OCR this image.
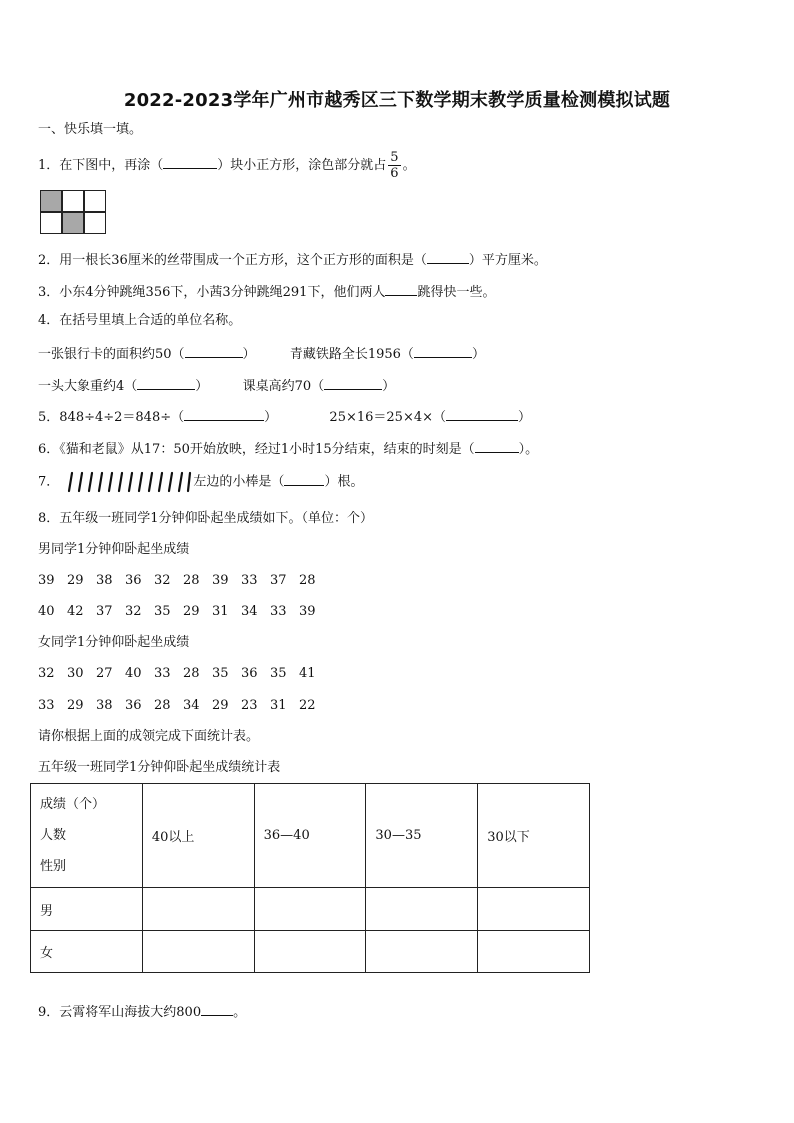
2022-2023学年广州市越秀区三下数学期末教学质量检测模拟试题
一、快乐填一填。
1．在下图中，再涂（	）块小正方形，涂色部分就占 $\frac{5}{6}$ 。
2．用一根长36厘米的丝带围成一个正方形，这个正方形的面积是（	）平方厘米。
3．小东4分钟跳绳356下，小茜3分钟跳绳291下，他们两人 跳得快一些。
4．在括号里填上合适的单位名称。
一张银行卡的面积约50（	）	青藏铁路全长1956（	）
一头大象重约4（	）	课桌高约70（	）
5．848÷4÷2＝848÷（	）	25×16＝25×4×（	）
6．《猫和老鼠》从17：50开始放映，经过1小时15分结束，结束的时刻是（	）。
7．	左边的小棒是（	）根。
8．五年级一班同学1分钟仰卧起坐成绩如下。（单位：个）
男同学1分钟仰卧起坐成绩
39 29 38 36 32 28 39 33 37 28
40 42 37 32 35 29 31 34 33 39
女同学1分钟仰卧起坐成绩
32 30 27 40 33 28 35 36 35 41
33 29 38 36 28 34 29 23 31 22
请你根据上面的成领完成下面统计表。
五年级一班同学1分钟仰卧起坐成绩统计表
成绩（个）
人数
性别	40以上	36—40	30—35	30以下
男				
女				
9．云霄将军山海拔大约800 。
